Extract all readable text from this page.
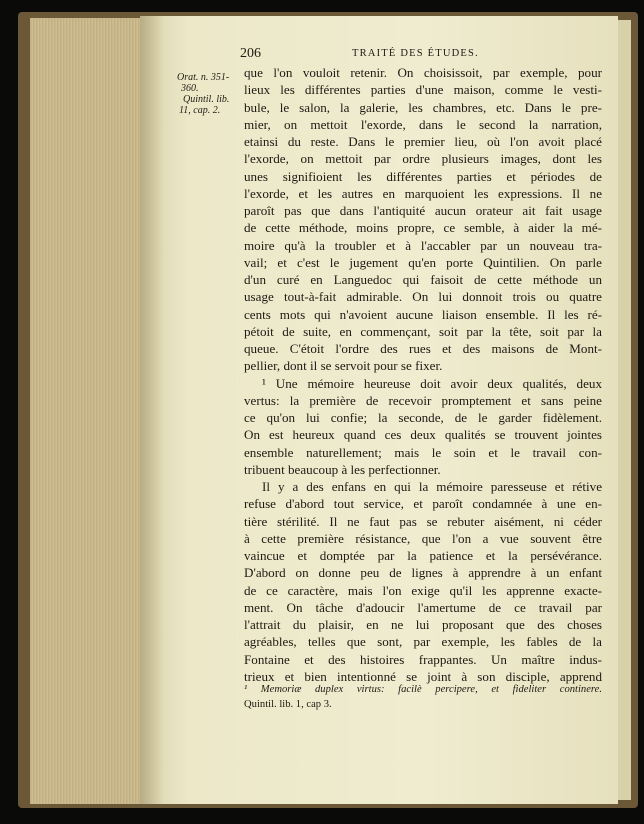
206	TRAITÉ DES ÉTUDES.
Orat. n. 351-
360.
Quintil. lib.
11, cap. 2.
que l'on vouloit retenir. On choisissoit, par exemple, pour
lieux les différentes parties d'une maison, comme le vesti-
bule, le salon, la galerie, les chambres, etc. Dans le pre-
mier, on mettoit l'exorde, dans le second la narration,
etainsi du reste. Dans le premier lieu, où l'on avoit placé
l'exorde, on mettoit par ordre plusieurs images, dont les
unes signifioient les différentes parties et périodes de
l'exorde, et les autres en marquoient les expressions. Il ne
paroît pas que dans l'antiquité aucun orateur ait fait usage
de cette méthode, moins propre, ce semble, à aider la mé-
moire qu'à la troubler et à l'accabler par un nouveau tra-
vail; et c'est le jugement qu'en porte Quintilien. On parle
d'un curé en Languedoc qui faisoit de cette méthode un
usage tout-à-fait admirable. On lui donnoit trois ou quatre
cents mots qui n'avoient aucune liaison ensemble. Il les ré-
pétoit de suite, en commençant, soit par la tête, soit par la
queue. C'étoit l'ordre des rues et des maisons de Mont-
pellier, dont il se servoit pour se fixer.
¹ Une mémoire heureuse doit avoir deux qualités, deux
vertus: la première de recevoir promptement et sans peine
ce qu'on lui confie; la seconde, de le garder fidèlement.
On est heureux quand ces deux qualités se trouvent jointes
ensemble naturellement; mais le soin et le travail con-
tribuent beaucoup à les perfectionner.
Il y a des enfans en qui la mémoire paresseuse et rétive
refuse d'abord tout service, et paroît condamnée à une en-
tière stérilité. Il ne faut pas se rebuter aisément, ni céder
à cette première résistance, que l'on a vue souvent être
vaincue et domptée par la patience et la persévérance.
D'abord on donne peu de lignes à apprendre à un enfant
de ce caractère, mais l'on exige qu'il les apprenne exacte-
ment. On tâche d'adoucir l'amertume de ce travail par
l'attrait du plaisir, en ne lui proposant que des choses
agréables, telles que sont, par exemple, les fables de la
Fontaine et des histoires frappantes. Un maître indus-
trieux et bien intentionné se joint à son disciple, apprend
¹ Memoriæ duplex virtus: facilè percipere, et fideliter continere.
Quintil. lib. 1, cap 3.
